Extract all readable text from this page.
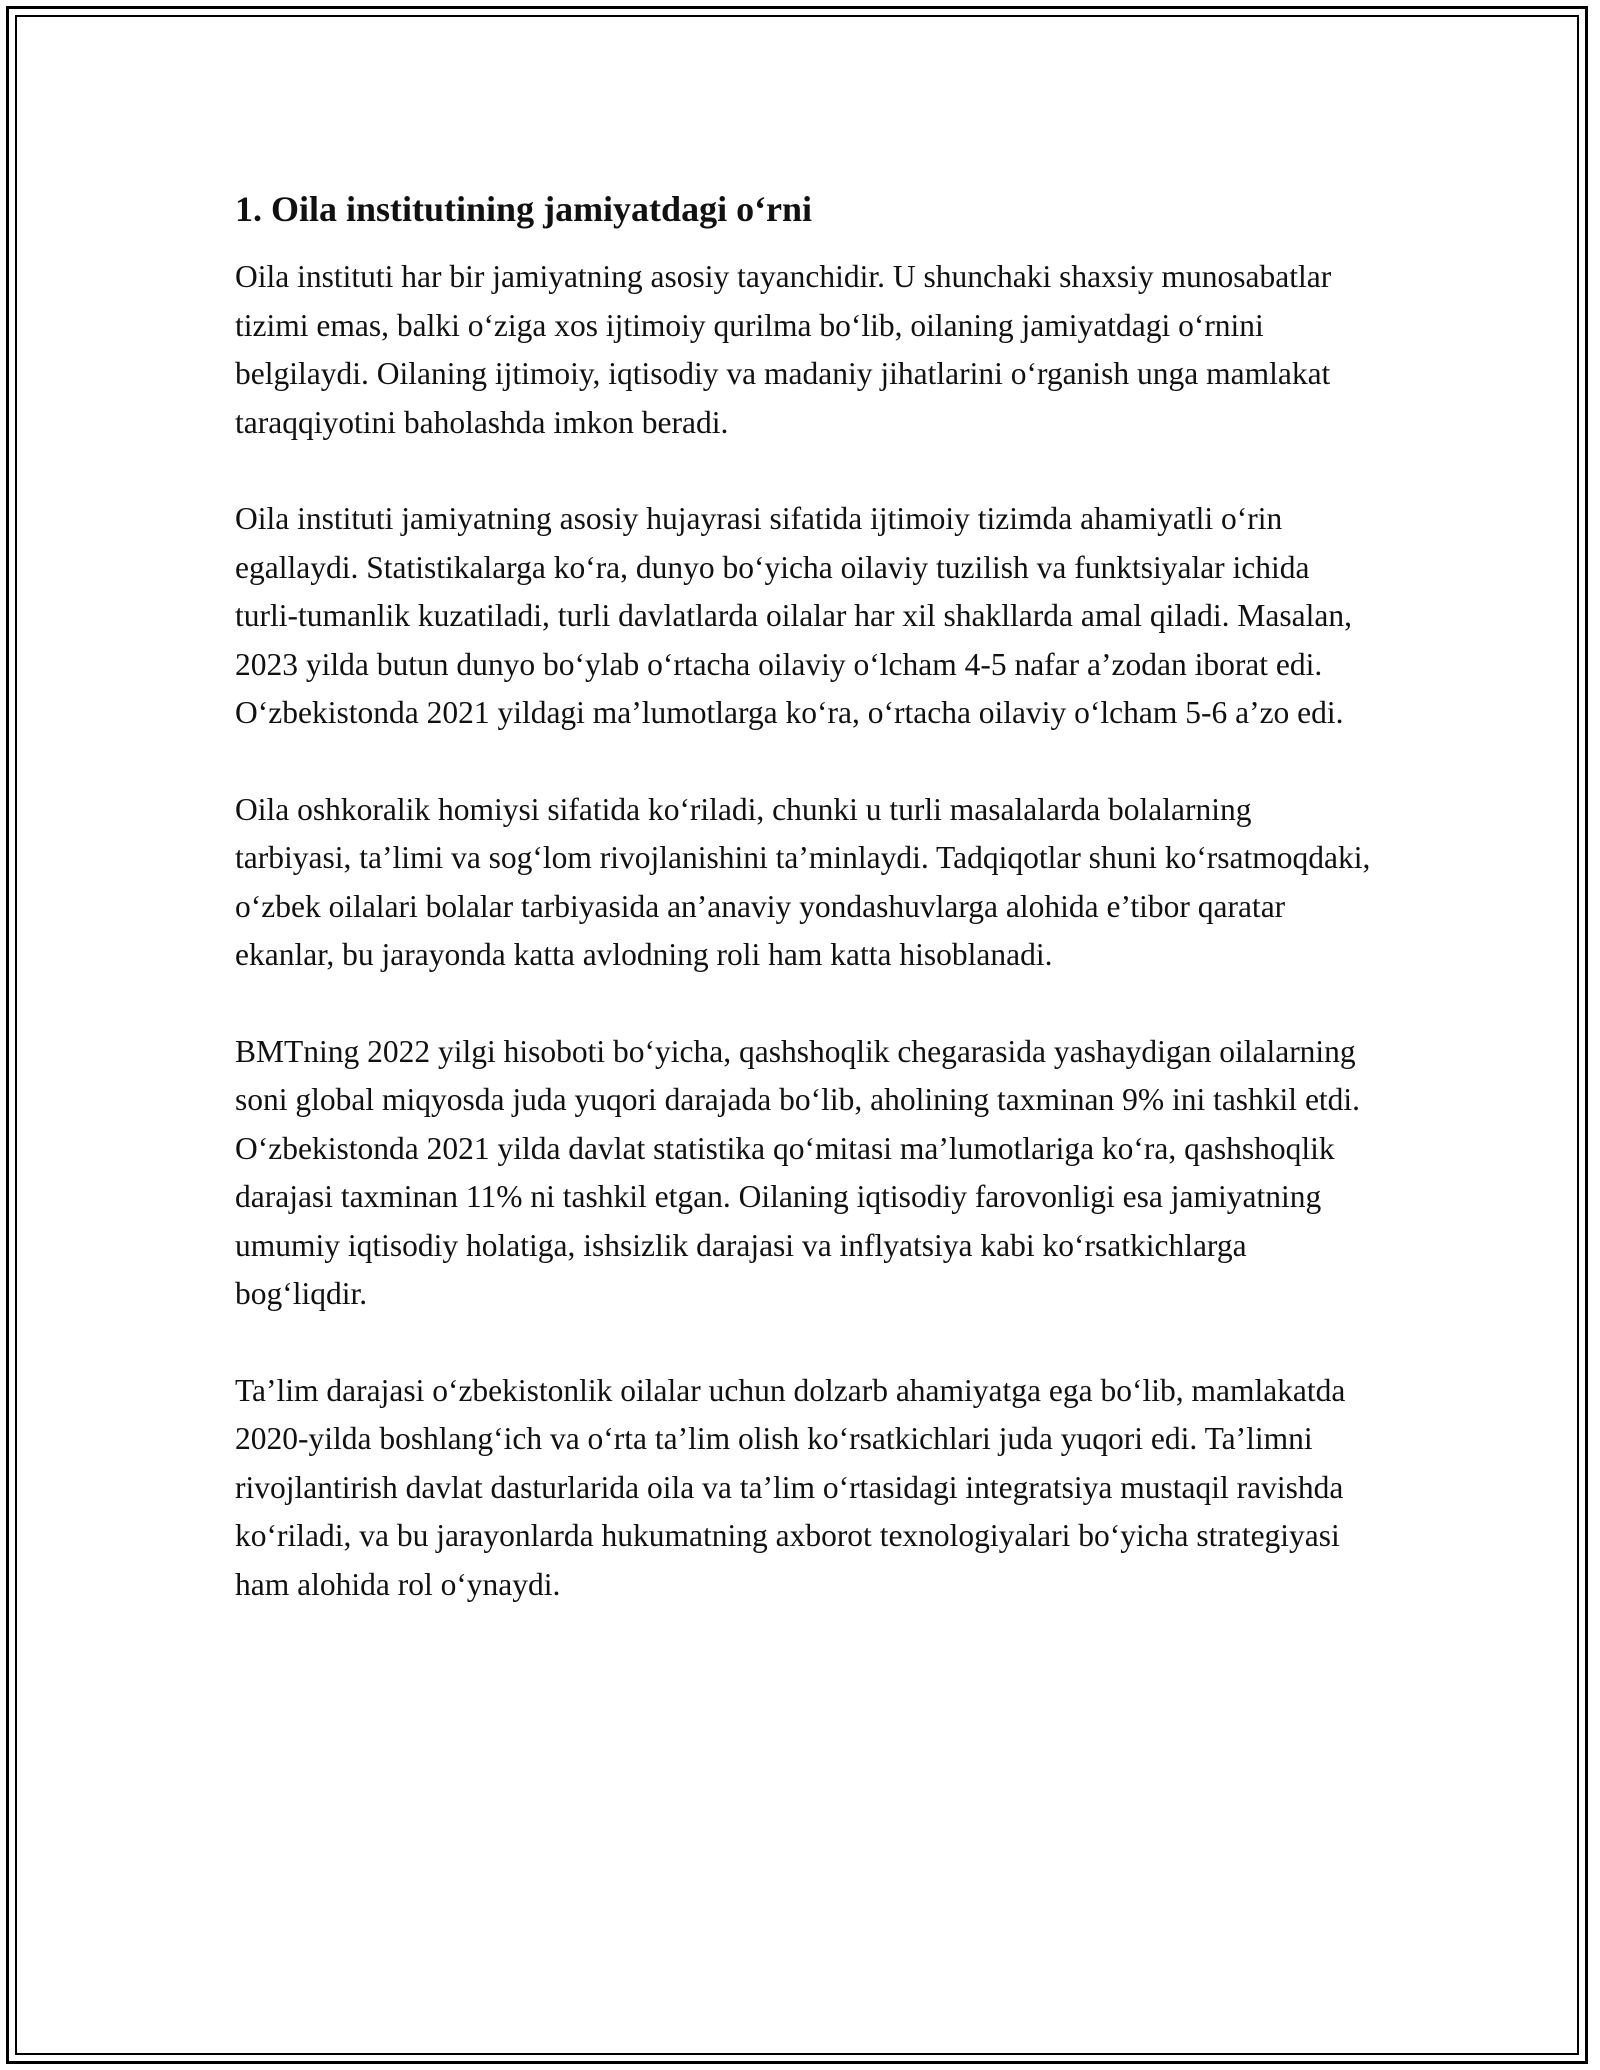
1. Oila institutining jamiyatdagi o‘rni

Oila instituti har bir jamiyatning asosiy tayanchidir. U shunchaki shaxsiy munosabatlar tizimi emas, balki o‘ziga xos ijtimoiy qurilma bo‘lib, oilaning jamiyatdagi o‘rnini belgilaydi. Oilaning ijtimoiy, iqtisodiy va madaniy jihatlarini o‘rganish unga mamlakat taraqqiyotini baholashda imkon beradi.

Oila instituti jamiyatning asosiy hujayrasi sifatida ijtimoiy tizimda ahamiyatli o‘rin egallaydi. Statistikalarga ko‘ra, dunyo bo‘yicha oilaviy tuzilish va funktsiyalar ichida turli-tumanlik kuzatiladi, turli davlatlarda oilalar har xil shakllarda amal qiladi. Masalan, 2023 yilda butun dunyo bo‘ylab o‘rtacha oilaviy o‘lcham 4-5 nafar a’zodan iborat edi. O‘zbekistonda 2021 yildagi ma’lumotlarga ko‘ra, o‘rtacha oilaviy o‘lcham 5-6 a’zo edi.

Oila oshkoralik homiysi sifatida ko‘riladi, chunki u turli masalalarda bolalarning tarbiyasi, ta’limi va sog‘lom rivojlanishini ta’minlaydi. Tadqiqotlar shuni ko‘rsatmoqdaki, o‘zbek oilalari bolalar tarbiyasida an’anaviy yondashuvlarga alohida e’tibor qaratar ekanlar, bu jarayonda katta avlodning roli ham katta hisoblanadi.

BMTning 2022 yilgi hisoboti bo‘yicha, qashshoqlik chegarasida yashaydigan oilalarning soni global miqyosda juda yuqori darajada bo‘lib, aholining taxminan 9% ini tashkil etdi. O‘zbekistonda 2021 yilda davlat statistika qo‘mitasi ma’lumotlariga ko‘ra, qashshoqlik darajasi taxminan 11% ni tashkil etgan. Oilaning iqtisodiy farovonligi esa jamiyatning umumiy iqtisodiy holatiga, ishsizlik darajasi va inflyatsiya kabi ko‘rsatkichlarga bog‘liqdir.

Ta’lim darajasi o‘zbekistonlik oilalar uchun dolzarb ahamiyatga ega bo‘lib, mamlakatda 2020-yilda boshlang‘ich va o‘rta ta’lim olish ko‘rsatkichlari juda yuqori edi. Ta’limni rivojlantirish davlat dasturlarida oila va ta’lim o‘rtasidagi integratsiya mustaqil ravishda ko‘riladi, va bu jarayonlarda hukumatning axborot texnologiyalari bo‘yicha strategiyasi ham alohida rol o‘ynaydi.
